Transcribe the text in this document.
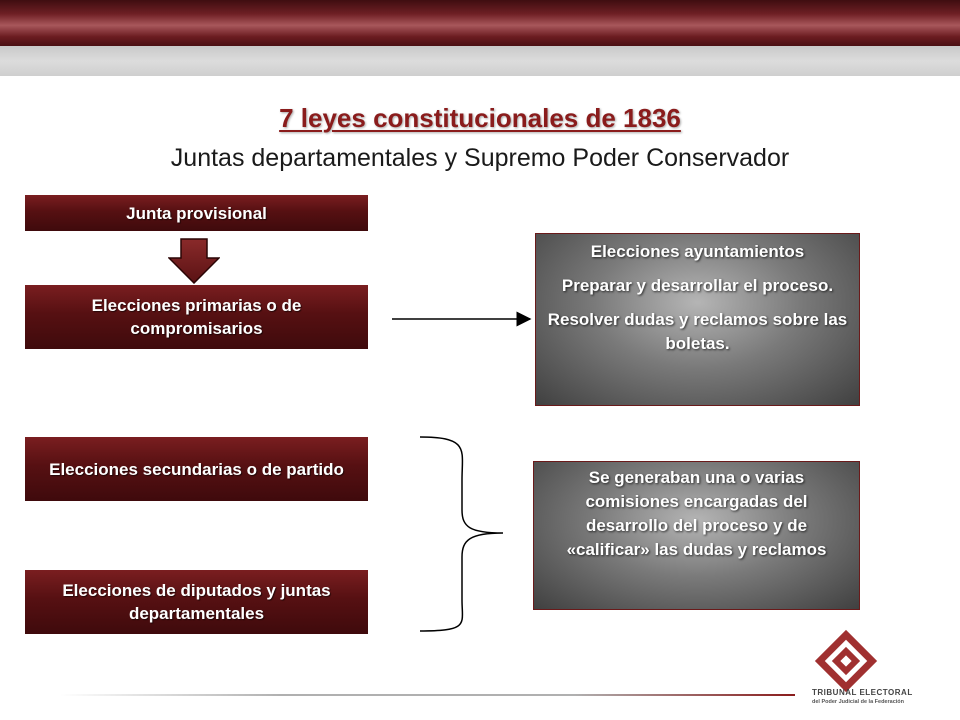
7 leyes constitucionales de 1836
Juntas departamentales y Supremo Poder Conservador
Junta provisional
Elecciones primarias o de compromisarios
Elecciones secundarias o de partido
Elecciones de diputados y juntas departamentales

Elecciones ayuntamientos

Preparar y desarrollar el proceso.

Resolver dudas y reclamos sobre las boletas.

Se generaban una o varias comisiones encargadas del desarrollo del proceso y de «calificar» las dudas y reclamos
TRIBUNAL ELECTORAL
del Poder Judicial de la Federación
